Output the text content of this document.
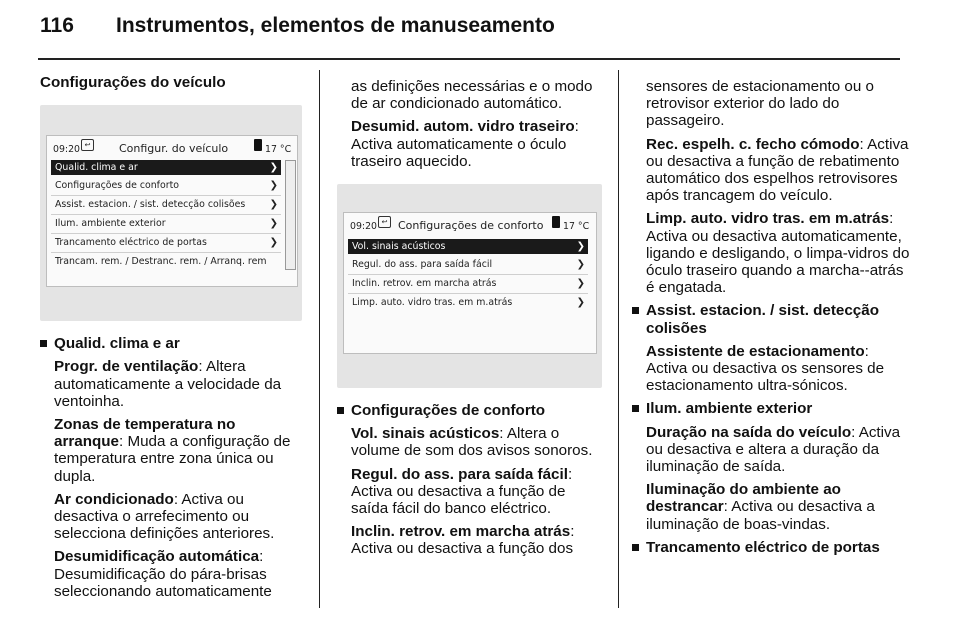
116 Instrumentos, elementos de manuseamento
Configurações do veículo
09:20 ↩	Configur. do veículo	17 °C
Qualid. clima e ar	❯
Configurações de conforto	❯
Assist. estacion. / sist. detecção colisões ❯
Ilum. ambiente exterior	❯
Trancamento eléctrico de portas	❯
Trancam. rem. / Destranc. rem. / Arranq. rem
Qualid. clima e ar

Progr. de ventilação: Altera automaticamente a velocidade da ventoinha.

Zonas de temperatura no arranque: Muda a configuração de temperatura entre zona única ou dupla.

Ar condicionado: Activa ou desactiva o arrefecimento ou selecciona definições anteriores.

Desumidificação automática: Desumidificação do pára-brisas seleccionando automaticamente

as definições necessárias e o modo de ar condicionado automático.

Desumid. autom. vidro traseiro: Activa automaticamente o óculo traseiro aquecido.

09:20 ↩ Configurações de conforto 17 °C
Vol. sinais acústicos	❯
Regul. do ass. para saída fácil	❯
Inclin. retrov. em marcha atrás	❯
Limp. auto. vidro tras. em m.atrás	❯
Configurações de conforto

Vol. sinais acústicos: Altera o volume de som dos avisos sonoros.

Regul. do ass. para saída fácil: Activa ou desactiva a função de saída fácil do banco eléctrico.

Inclin. retrov. em marcha atrás: Activa ou desactiva a função dos

sensores de estacionamento ou o retrovisor exterior do lado do passageiro.

Rec. espelh. c. fecho cómodo: Activa ou desactiva a função de rebatimento automático dos espelhos retrovisores após trancagem do veículo.

Limp. auto. vidro tras. em m.atrás: Activa ou desactiva automaticamente, ligando e desligando, o limpa-vidros do óculo traseiro quando a marcha--atrás é engatada.

Assist. estacion. / sist. detecção colisões

Assistente de estacionamento: Activa ou desactiva os sensores de estacionamento ultra-sónicos.

Ilum. ambiente exterior

Duração na saída do veículo: Activa ou desactiva e altera a duração da iluminação de saída.

Iluminação do ambiente ao destrancar: Activa ou desactiva a iluminação de boas-vindas.

Trancamento eléctrico de portas
